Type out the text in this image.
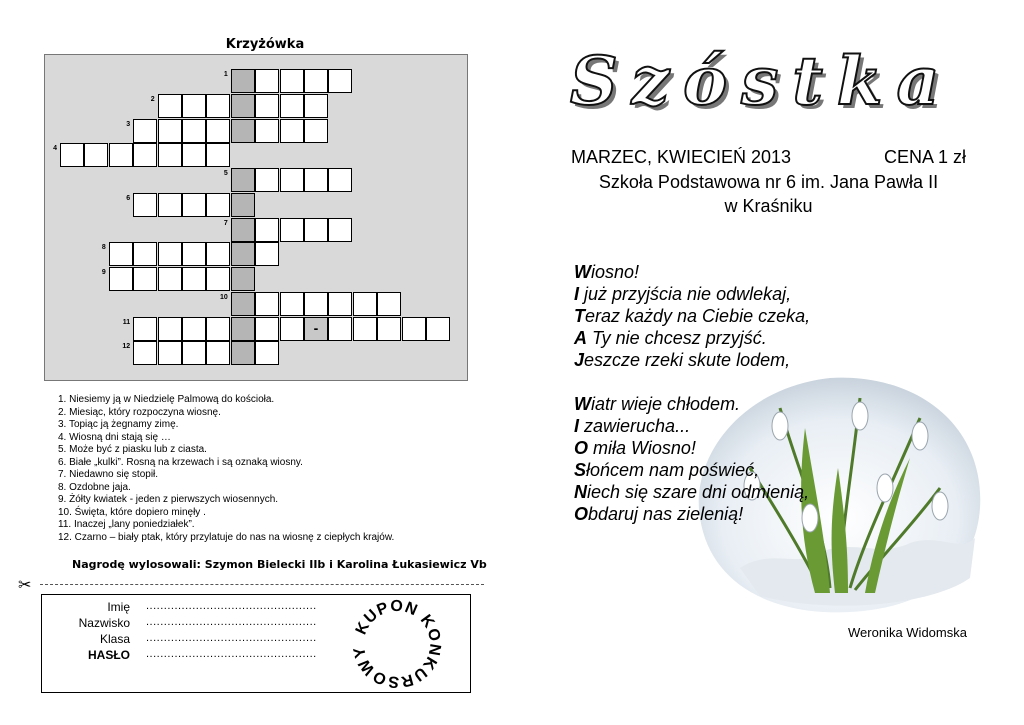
Krzyżówka
1
2
3
4
5
6
7
8
9
10
11	-
12
1. Niesiemy ją w Niedzielę Palmową do kościoła.
2. Miesiąc, który rozpoczyna wiosnę.
3. Topiąc ją żegnamy zimę.
4. Wiosną dni stają się …
5. Może być z piasku lub z ciasta.
6. Białe „kulki”. Rosną na krzewach i są oznaką wiosny.
7. Niedawno się stopił.
8. Ozdobne jaja.
9. Żółty kwiatek - jeden z pierwszych wiosennych.
10. Święta, które dopiero minęły .
11. Inaczej „lany poniedziałek”.
12. Czarno – biały ptak, który przylatuje do nas na wiosnę z ciepłych krajów.
Nagrodę wylosowali: Szymon Bielecki IIb i Karolina Łukasiewicz Vb
✂
Imię ................................................
Nazwisko ................................................
Klasa ................................................
HASŁO ................................................
KUPON KONKURSOWY
Szóstka
MARZEC, KWIECIEŃ 2013	CENA 1 zł
Szkoła Podstawowa nr 6 im. Jana Pawła II
w Kraśniku
Wiosno!
I już przyjścia nie odwlekaj,
Teraz każdy na Ciebie czeka,
A Ty nie chcesz przyjść.
Jeszcze rzeki skute lodem,
Wiatr wieje chłodem.
I zawierucha...
O miła Wiosno!
Słońcem nam poświeć,
Niech się szare dni odmienią,
Obdaruj nas zielenią!
Weronika Widomska
